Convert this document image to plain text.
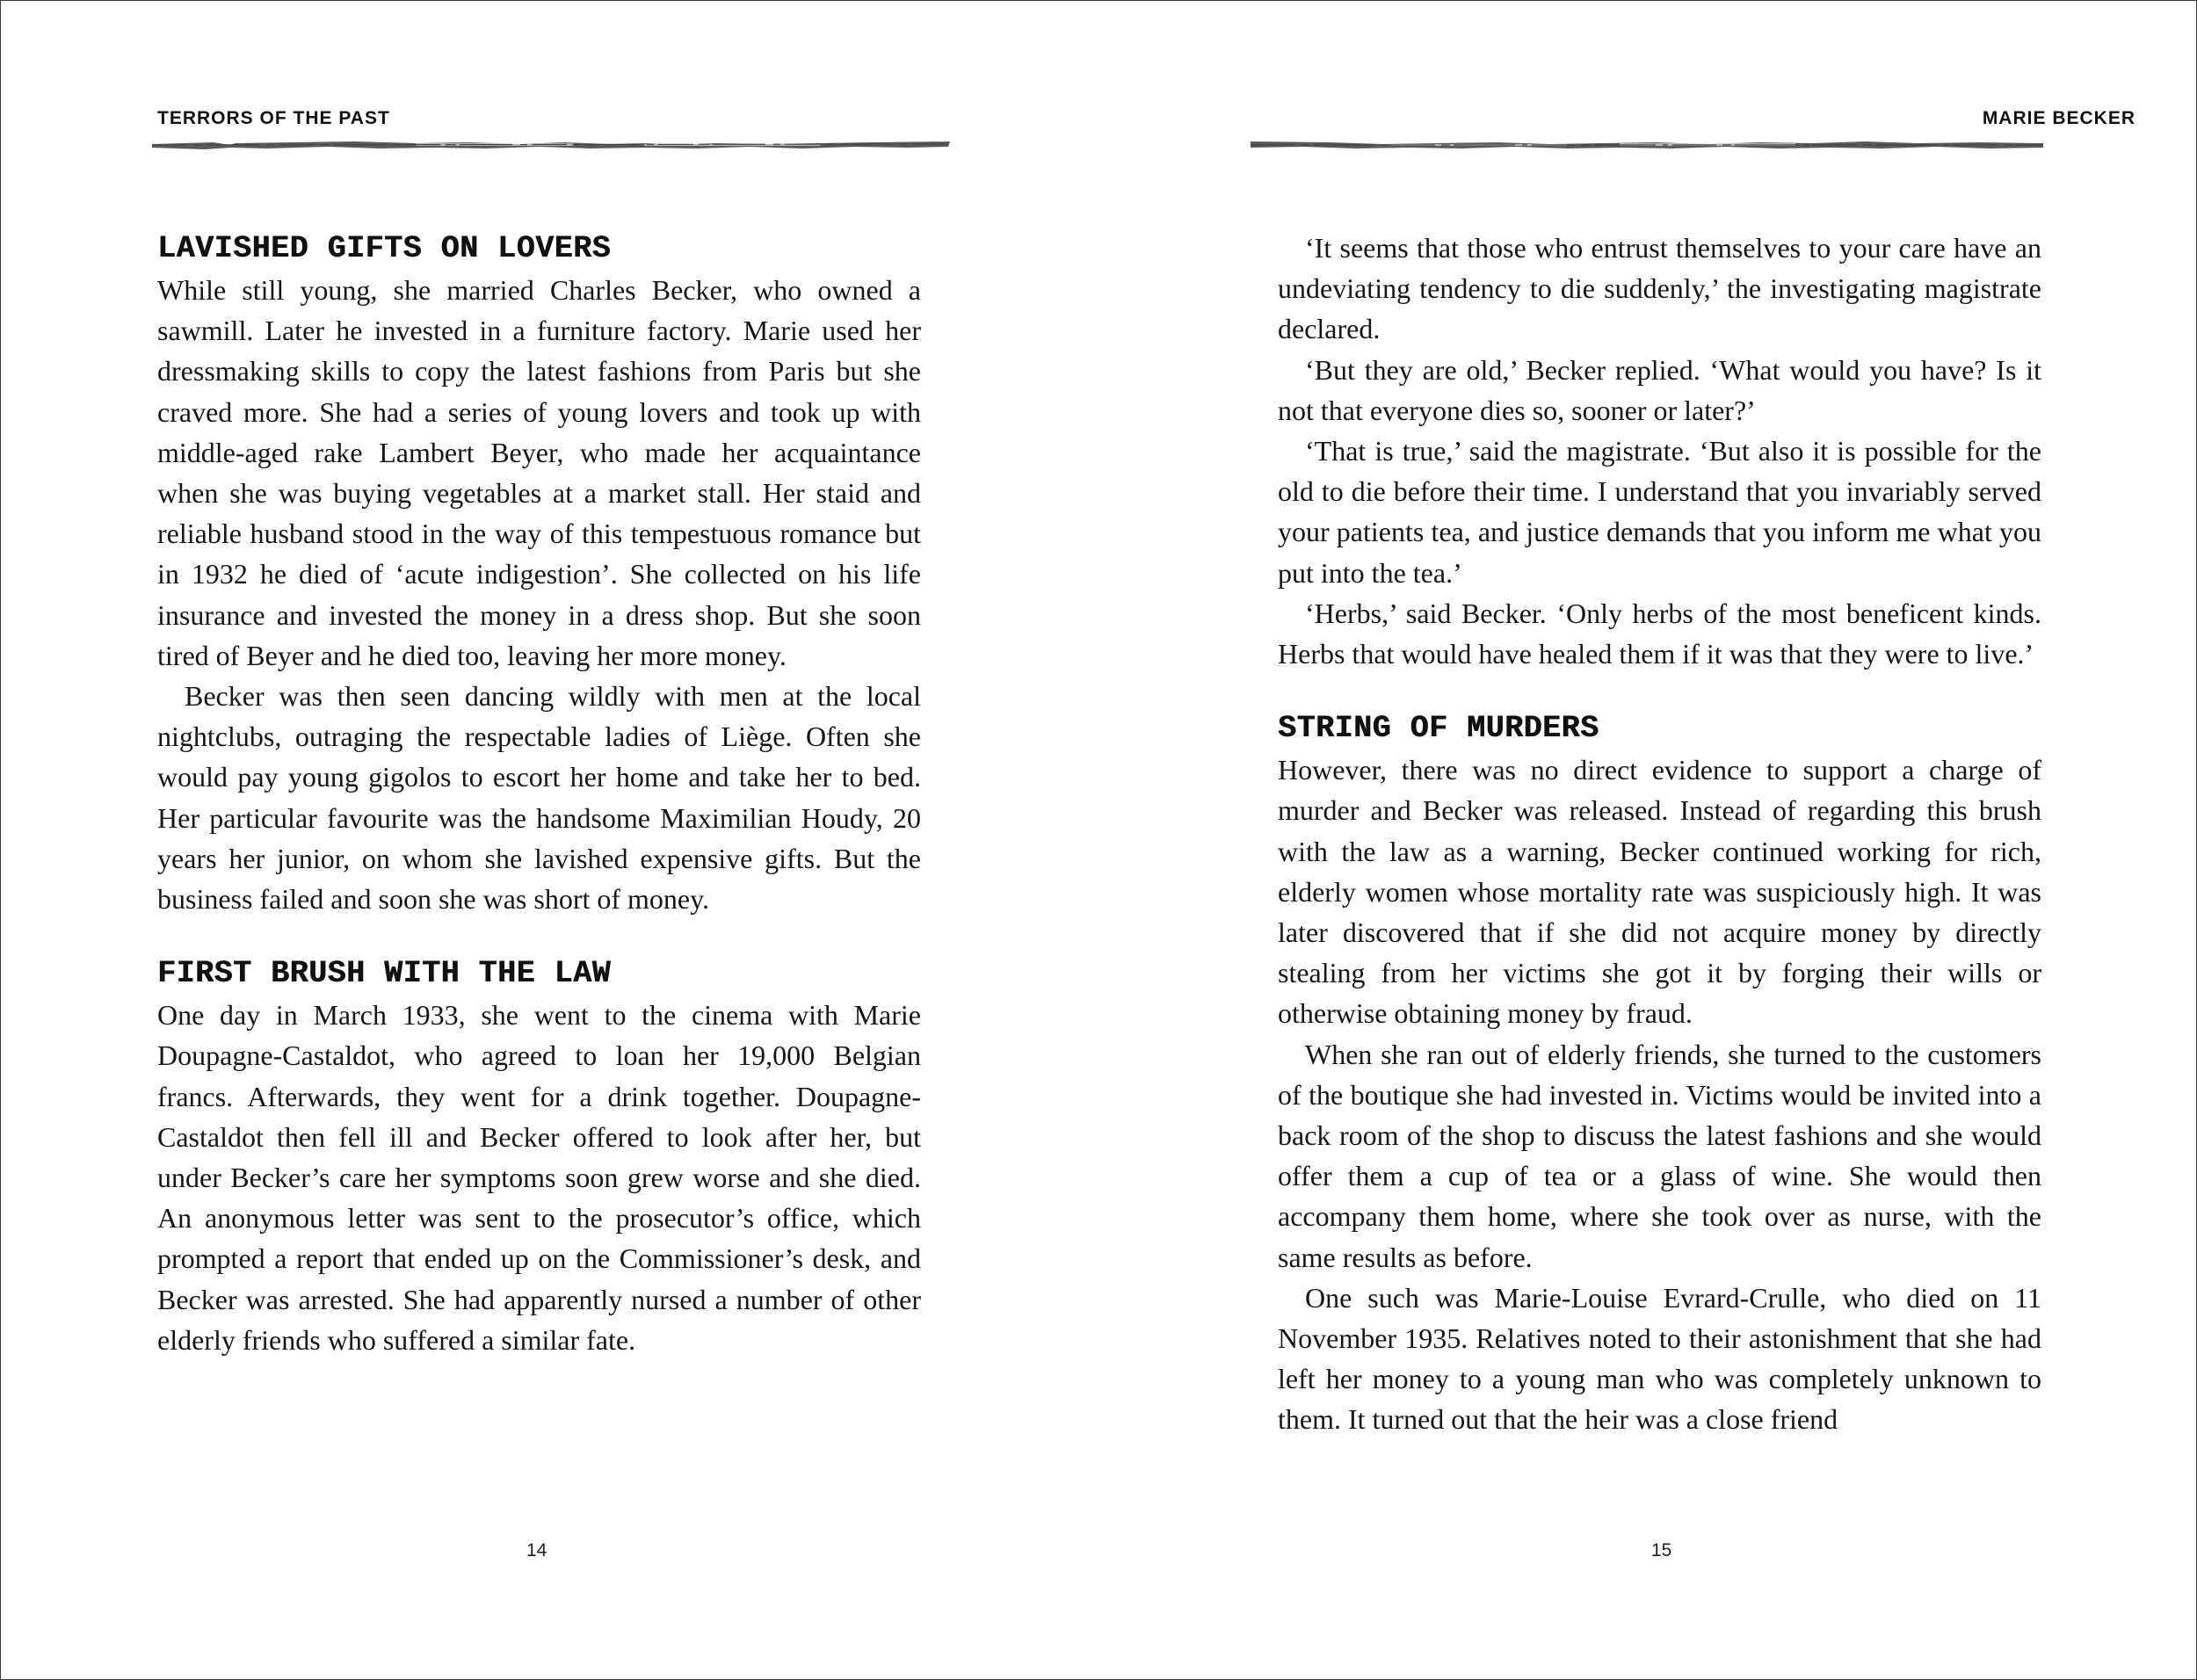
TERRORS OF THE PAST
LAVISHED GIFTS ON LOVERS

While still young, she married Charles Becker, who owned a sawmill. Later he invested in a furniture factory. Marie used her dressmaking skills to copy the latest fashions from Paris but she craved more. She had a series of young lovers and took up with middle-aged rake Lambert Beyer, who made her acquaintance when she was buying vegetables at a market stall. Her staid and reliable husband stood in the way of this tempestuous romance but in 1932 he died of ‘acute indigestion’. She collected on his life insurance and invested the money in a dress shop. But she soon tired of Beyer and he died too, leaving her more money.

Becker was then seen dancing wildly with men at the local nightclubs, outraging the respectable ladies of Liège. Often she would pay young gigolos to escort her home and take her to bed. Her particular favourite was the handsome Maximilian Houdy, 20 years her junior, on whom she lavished expensive gifts. But the business failed and soon she was short of money.

FIRST BRUSH WITH THE LAW

One day in March 1933, she went to the cinema with Marie Doupagne-Castaldot, who agreed to loan her 19,000 Belgian francs. Afterwards, they went for a drink together. Doupagne-Castaldot then fell ill and Becker offered to look after her, but under Becker’s care her symptoms soon grew worse and she died. An anonymous letter was sent to the prosecutor’s office, which prompted a report that ended up on the Commissioner’s desk, and Becker was arrested. She had apparently nursed a number of other elderly friends who suffered a similar fate.

14
MARIE BECKER

‘It seems that those who entrust themselves to your care have an undeviating tendency to die suddenly,’ the investigating magistrate declared.

‘But they are old,’ Becker replied. ‘What would you have? Is it not that everyone dies so, sooner or later?’

‘That is true,’ said the magistrate. ‘But also it is possible for the old to die before their time. I understand that you invariably served your patients tea, and justice demands that you inform me what you put into the tea.’

‘Herbs,’ said Becker. ‘Only herbs of the most beneficent kinds. Herbs that would have healed them if it was that they were to live.’

STRING OF MURDERS

However, there was no direct evidence to support a charge of murder and Becker was released. Instead of regarding this brush with the law as a warning, Becker continued working for rich, elderly women whose mortality rate was suspiciously high. It was later discovered that if she did not acquire money by directly stealing from her victims she got it by forging their wills or otherwise obtaining money by fraud.

When she ran out of elderly friends, she turned to the customers of the boutique she had invested in. Victims would be invited into a back room of the shop to discuss the latest fashions and she would offer them a cup of tea or a glass of wine. She would then accompany them home, where she took over as nurse, with the same results as before.

One such was Marie-Louise Evrard-Crulle, who died on 11 November 1935. Relatives noted to their astonishment that she had left her money to a young man who was completely unknown to them. It turned out that the heir was a close friend

15
